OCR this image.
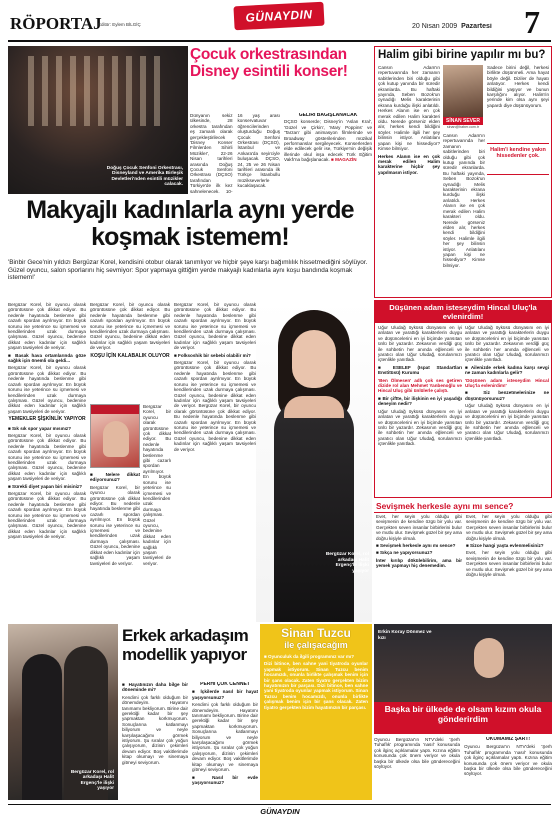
RÖPORTAJ
Editör: Eylem BİLGİÇ	GÜNAYDIN
20 Nisan 2009 Pazartesi 7
Doğuş Çocuk Senfoni Orkestrası, Disneyland ve Amerika Birleşik Devletleri'nden esintili müzikler calacak.
Çocuk orkestrasından Disney esintili konser!
Dünyanın sekiz ülkesinde, 28 orkestra tarafından eş zamanlı olarak gerçekleştirilecek 'Disney Konser Filmlerden Sihirli Müzikler', 22-26 Nisan tarihleri arasında Doğuş Çocuk Senfoni Orkestrası (DÇSO) tarafından Türkiye'de ilk kez sahnelenecek. 10-16 yaş arası konservatuvar öğrencilerinden oluşturduğu Doğuş Çocuk Senfoni Orkestrası (DÇSO), İstanbul ve Ankara'da seyirciyle buluşacak. DÇSO, 24, 25 ve 26 Nisan tarihleri arasında ilk Türkçe İstanbullu müzikseverlerle kucaklaşacak.
GELİRİ BAĞIŞLANACAK
DÇSO konserde; Disney'in 'Aslan Kral', 'Güzel ve Çirkin', 'Mary Poppins' ve 'Tarzan' gibi animasyon filmlerinde ve Broadway gösterilerinden müzikal performanslar sergileyecek. Konserlerden elde edilecek gelir ise, Türkiye'nin değişik illerinde okul inşa edecek Türk Eğitim Vakfı'na bağışlanacak. ■ MAGAZİN
Halim gibi birine yapılır mı bu?
SİNAN SEVER
sinan@haber.com.tr
Cansın Adam'ın repertuvarında her zamanın sabitlerinden biri olduğu gibi çok kutup yanında bir süredir ekranlarda. Bu haftaki yayında, Seben Bozok'un oynadığı Melis karakterinin ekrana kurduğu ilişki anlatıldı. Herkes Alanın ise en çok merak edilen Halim karakteri oldu. Nerede görseniz elden alır, herkes kendi bildiğini söyler. Halimle ilgili her şey bilinsin istiyor. Anlatılanı yapan kişi ne hissediyor? Kimse bilmiyor.
Herkes Alanın ise en çok merak edilen Halim karakterine hiçbir şey yapılmasın istiyor.
Sadece birini değil, herkesi birlikte düşünmeli. Ama hayat böyle değil. Diziler de hayatı anlatıyor. Herkes kendi bildiğini yaşıyor ve bunun karşılığını alıyor. Halim'in yerinde kim olsa aynı şeyi yapardı diye düşünüyorum.
Halim'i kendine yakın hissedenler çok.
Cansın Adam'ın repertuvarında her zamanın sabitlerinden biri olduğu gibi çok kutup yanında bir süredir ekranlarda. Bu haftaki yayında, Seben Bozok'un oynadığı Melis karakterinin ekrana kurduğu ilişki anlatıldı. Herkes Alanın ise en çok merak edilen Halim karakteri oldu. Nerede görseniz elden alır, herkes kendi bildiğini söyler. Halimle ilgili her şey bilinsin istiyor. Anlatılanı yapan kişi ne hissediyor? Kimse bilmiyor.
Makyajlı kadınlarla aynı yerde koşmak istemem!
'Binbir Gece'nin yıldızı Bergüzar Korel, kendisini otobur olarak tanımlıyor ve hiçbir şeye karşı bağımlılık hissetmediğini söylüyor. Güzel oyuncu, salon sporlarını hiç sevmiyor: Spor yapmaya gittiğim yerde makyajlı kadınlarla aynı koşu bandında koşmak istemem!'
Bergüzar Korel, bir oyuncu olarak görüntüsüne çok dikkat ediyor. Bu nedenle hayatında beslenme gibi cazarlı spordan ayrılmıyor. En büyük sorunu ise yeterince su içmemesi ve kendilerinden uzak durmaya çalışması. Güzel oyuncu, bedenine dikkat eden kadınlar için sağlıklı yaşam tavsiyeleri de veriyor.
■ Basak hava ortamlarında göze sağlık için önemli ola geldi...
Bergüzar Korel, bir oyuncu olarak görüntüsüne çok dikkat ediyor. Bu nedenle hayatında beslenme gibi cazarlı spordan ayrılmıyor. En büyük sorunu ise yeterince su içmemesi ve kendilerinden uzak durmaya çalışması. Güzel oyuncu, bedenine dikkat eden kadınlar için sağlıklı yaşam tavsiyeleri de veriyor.
YEMEKLER ŞİŞKİNLİK YAPIYOR
■ Sık sık spor yapar mısınız?
Bergüzar Korel, bir oyuncu olarak görüntüsüne çok dikkat ediyor. Bu nedenle hayatında beslenme gibi cazarlı spordan ayrılmıyor. En büyük sorunu ise yeterince su içmemesi ve kendilerinden uzak durmaya çalışması. Güzel oyuncu, bedenine dikkat eden kadınlar için sağlıklı yaşam tavsiyeleri de veriyor.
■ Sürekli diyet yapan biri misiniz?
Bergüzar Korel, bir oyuncu olarak görüntüsüne çok dikkat ediyor. Bu nedenle hayatında beslenme gibi cazarlı spordan ayrılmıyor. En büyük sorunu ise yeterince su içmemesi ve kendilerinden uzak durmaya çalışması. Güzel oyuncu, bedenine dikkat eden kadınlar için sağlıklı yaşam tavsiyeleri de veriyor.
Bergüzar Korel, bir oyuncu olarak görüntüsüne çok dikkat ediyor. Bu nedenle hayatında beslenme gibi cazarlı spordan ayrılmıyor. En büyük sorunu ise yeterince su içmemesi ve kendilerinden uzak durmaya çalışması. Güzel oyuncu, bedenine dikkat eden kadınlar için sağlıklı yaşam tavsiyeleri de veriyor.
KOŞU İÇİN KALABALIK OLUYOR
Bergüzar Korel, bir oyuncu olarak görüntüsüne çok dikkat ediyor. Bu nedenle hayatında beslenme gibi cazarlı spordan ayrılmıyor. En büyük sorunu ise yeterince su içmemesi ve kendilerinden uzak durmaya çalışması. Güzel oyuncu, bedenine dikkat eden kadınlar için sağlıklı yaşam tavsiyeleri de veriyor.
■ Nelere dikkat ediyorsunuz?
Bergüzar Korel, bir oyuncu olarak görüntüsüne çok dikkat ediyor. Bu nedenle hayatında beslenme gibi cazarlı spordan ayrılmıyor. En büyük sorunu ise yeterince su içmemesi ve kendilerinden uzak durmaya çalışması. Güzel oyuncu, bedenine dikkat eden kadınlar için sağlıklı yaşam tavsiyeleri de veriyor.
Bergüzar Korel, bir oyuncu olarak görüntüsüne çok dikkat ediyor. Bu nedenle hayatında beslenme gibi cazarlı spordan ayrılmıyor. En büyük sorunu ise yeterince su içmemesi ve kendilerinden uzak durmaya çalışması. Güzel oyuncu, bedenine dikkat eden kadınlar için sağlıklı yaşam tavsiyeleri de veriyor.
■ Folksoshik bir sebebi olabilir mi?
Bergüzar Korel, bir oyuncu olarak görüntüsüne çok dikkat ediyor. Bu nedenle hayatında beslenme gibi cazarlı spordan ayrılmıyor. En büyük sorunu ise yeterince su içmemesi ve kendilerinden uzak durmaya çalışması. Güzel oyuncu, bedenine dikkat eden kadınlar için sağlıklı yaşam tavsiyeleri de veriyor. Bergüzar Korel, bir oyuncu olarak görüntüsüne çok dikkat ediyor. Bu nedenle hayatında beslenme gibi cazarlı spordan ayrılmıyor. En büyük sorunu ise yeterince su içmemesi ve kendilerinden uzak durmaya çalışması. Güzel oyuncu, bedenine dikkat eden kadınlar için sağlıklı yaşam tavsiyeleri de veriyor.
Bergüzar Korel, rol arkadaşı Halit Ergenç'le ilişki yaşıyor
Düşünen adam isteseydim Hincal Uluç'la evlenirdim!
Uğur Uludağ öyküsü dünyasını en iyi anlatan ve yarattığı karakterlerin duygu ve düşüncelerini en iyi biçimde yansıtan ünlü bir yazardır. Zekasının verdiği güç ile sohbetin her anında eğlenceli ve yaratıcı olan Uğur Uludağ, sorularımızı içtenlikle yanıtladı.
■ ESELEF (Ispat Standartları Enstitüsü) Kurumu
'Ben Ölmesen' adlı çok ses getiren dizide rol alan Mehmet Yanbenoğlu ve Hincal Uluç gibi ünlülerle çalıştı.
■ Bir çiftte, bir ilişkinin en iyi yaşadığı deneyim nedir?
Uğur Uludağ öyküsü dünyasını en iyi anlatan ve yarattığı karakterlerin duygu ve düşüncelerini en iyi biçimde yansıtan ünlü bir yazardır. Zekasının verdiği güç ile sohbetin her anında eğlenceli ve yaratıcı olan Uğur Uludağ, sorularımızı içtenlikle yanıtladı.
Uğur Uludağ öyküsü dünyasını en iyi anlatan ve yarattığı karakterlerin duygu ve düşüncelerini en iyi biçimde yansıtan ünlü bir yazardır. Zekasının verdiği güç ile sohbetin her anında eğlenceli ve yaratıcı olan Uğur Uludağ, sorularımızı içtenlikle yanıtladı.
■ Ailenizde erkek kadına karşı sevgi ne zaman kadınlarla gelir?
'Düşünen adam isteseydim Hincal Uluç'la evlenirdim!'
■ Siz benzetmelerinize ne düşünüyorsunuz?
Uğur Uludağ öyküsü dünyasını en iyi anlatan ve yarattığı karakterlerin duygu ve düşüncelerini en iyi biçimde yansıtan ünlü bir yazardır. Zekasının verdiği güç ile sohbetin her anında eğlenceli ve yaratıcı olan Uğur Uludağ, sorularımızı içtenlikle yanıtladı.
Sevişmek herkesle aynı mı sence?
Evet, her seyin yolu olduğu gibi sevişmenin de kendine özgü bir yolu var. Gerçekten seven insanlar birbirlerini bulur ve mutlu olur. Sevişmek güzel bir şey ama doğru kişiyle olmalı.
■ Sevişmek herkesle aynı mı sence?
■ Sıkça ne yapıyorsunuz?
İnter kırılıp dökülebilirim, ama bir yemek yapmayı hiç denemedim.
Evet, her seyin yolu olduğu gibi sevişmenin de kendine özgü bir yolu var. Gerçekten seven insanlar birbirlerini bulur ve mutlu olur. Sevişmek güzel bir şey ama doğru kişiyle olmalı.
■ Sizce hangi yaşta evlenmelisiniz?
Evet, her seyin yolu olduğu gibi sevişmenin de kendine özgü bir yolu var. Gerçekten seven insanlar birbirlerini bulur ve mutlu olur. Sevişmek güzel bir şey ama doğru kişiyle olmalı.
Bergüzar Korel, rol arkadaşı Halit Ergenç'le ilişki yaşıyor
Erkek arkadaşım modellik yapıyor
■ Hayatınızın daha bilge bir döneminde mi?
Kendimi çok farklı olduğum bir dönemdeyim. Hayatımı tanımamı bekliyorum. Birine dair gerektiği kadar bir şey yapmaktan korkmuyorum. Sonuçlarına katlanmayı biliyorum ve neyle karşılaşacağımı görmek istiyorum. Şu sıralar çok yoğun çalışıyorum, dizinin çekimleri devam ediyor. Boş vakitlerimde kitap okumayı ve sinemaya gitmeyi seviyorum.
PERHİ ÇOK CENNET
■ İçkilerde nasıl bir hayat yaşıyorsunuz?
Kendimi çok farklı olduğum bir dönemdeyim. Hayatımı tanımamı bekliyorum. Birine dair gerektiği kadar bir şey yapmaktan korkmuyorum. Sonuçlarına katlanmayı biliyorum ve neyle karşılaşacağımı görmek istiyorum. Şu sıralar çok yoğun çalışıyorum, dizinin çekimleri devam ediyor. Boş vakitlerimde kitap okumayı ve sinemaya gitmeyi seviyorum.
■ Nasıl bir evde yaşıyorsunuz?
Sinan Tuzcu
ile çalışacağım
■ Oyunculuk da ilgili programınız var mı?
Dizi bitince, ben sahne yani tiyatroda oyunlar yapmak istiyorum. Sinan Tuzcu benim hocamızdı, onunla birlikte çalışmak benim için bir şans olacak. Zaten tiyatro gerçekten bizim hayatımızın bir parçası. Dizi bitince, ben sahne yani tiyatroda oyunlar yapmak istiyorum. Sinan Tuzcu benim hocamızdı, onunla birlikte çalışmak benim için bir şans olacak. Zaten tiyatro gerçekten bizim hayatımızın bir parçası.
Erkin Koray Dönmez ve kızı
Başka bir ülkede de olsam kızım okula gönderirdim
Oyuncu Bergüzar'ın NTV'deki 'Şerh Tuhaflık' programında 'nasıl' konusunda çok ilginç açıklamalar yaptı. Kızına eğitim konusunda çok önem veriyor ve okula başka bir ülkede olsa bile göndereceğini söylüyor.
OKUMAMIZ ŞART!
Oyuncu Bergüzar'ın NTV'deki 'Şerh Tuhaflık' programında 'nasıl' konusunda çok ilginç açıklamalar yaptı. Kızına eğitim konusunda çok önem veriyor ve okula başka bir ülkede olsa bile göndereceğini söylüyor.
GÜNAYDIN
